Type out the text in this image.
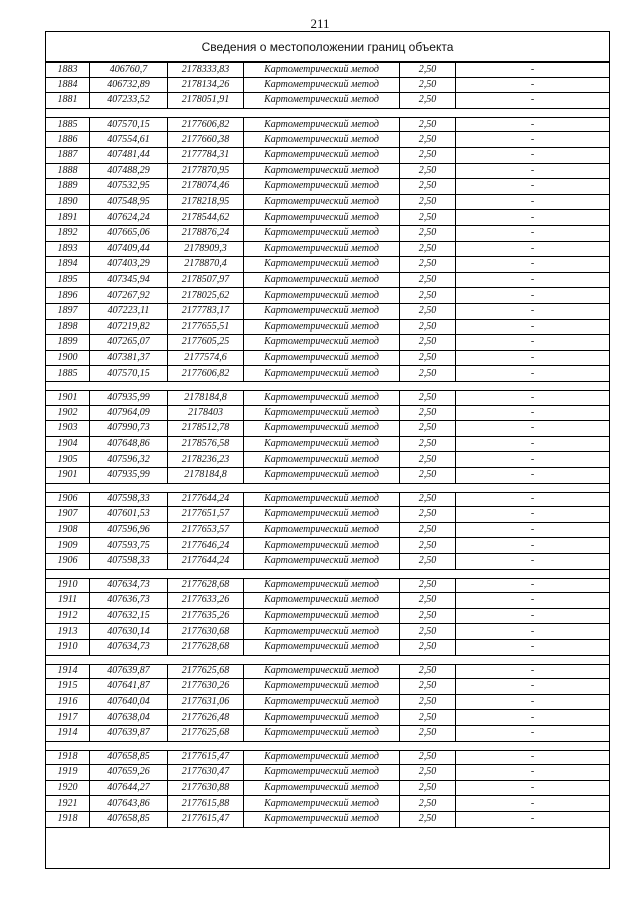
211
Сведения о местоположении границ объекта
1883	406760,7	2178333,83	Картометрический метод	2,50	-
1884	406732,89	2178134,26	Картометрический метод	2,50	-
1881	407233,52	2178051,91	Картометрический метод	2,50	-
1885	407570,15	2177606,82	Картометрический метод	2,50	-
1886	407554,61	2177660,38	Картометрический метод	2,50	-
1887	407481,44	2177784,31	Картометрический метод	2,50	-
1888	407488,29	2177870,95	Картометрический метод	2,50	-
1889	407532,95	2178074,46	Картометрический метод	2,50	-
1890	407548,95	2178218,95	Картометрический метод	2,50	-
1891	407624,24	2178544,62	Картометрический метод	2,50	-
1892	407665,06	2178876,24	Картометрический метод	2,50	-
1893	407409,44	2178909,3	Картометрический метод	2,50	-
1894	407403,29	2178870,4	Картометрический метод	2,50	-
1895	407345,94	2178507,97	Картометрический метод	2,50	-
1896	407267,92	2178025,62	Картометрический метод	2,50	-
1897	407223,11	2177783,17	Картометрический метод	2,50	-
1898	407219,82	2177655,51	Картометрический метод	2,50	-
1899	407265,07	2177605,25	Картометрический метод	2,50	-
1900	407381,37	2177574,6	Картометрический метод	2,50	-
1885	407570,15	2177606,82	Картометрический метод	2,50	-
1901	407935,99	2178184,8	Картометрический метод	2,50	-
1902	407964,09	2178403	Картометрический метод	2,50	-
1903	407990,73	2178512,78	Картометрический метод	2,50	-
1904	407648,86	2178576,58	Картометрический метод	2,50	-
1905	407596,32	2178236,23	Картометрический метод	2,50	-
1901	407935,99	2178184,8	Картометрический метод	2,50	-
1906	407598,33	2177644,24	Картометрический метод	2,50	-
1907	407601,53	2177651,57	Картометрический метод	2,50	-
1908	407596,96	2177653,57	Картометрический метод	2,50	-
1909	407593,75	2177646,24	Картометрический метод	2,50	-
1906	407598,33	2177644,24	Картометрический метод	2,50	-
1910	407634,73	2177628,68	Картометрический метод	2,50	-
1911	407636,73	2177633,26	Картометрический метод	2,50	-
1912	407632,15	2177635,26	Картометрический метод	2,50	-
1913	407630,14	2177630,68	Картометрический метод	2,50	-
1910	407634,73	2177628,68	Картометрический метод	2,50	-
1914	407639,87	2177625,68	Картометрический метод	2,50	-
1915	407641,87	2177630,26	Картометрический метод	2,50	-
1916	407640,04	2177631,06	Картометрический метод	2,50	-
1917	407638,04	2177626,48	Картометрический метод	2,50	-
1914	407639,87	2177625,68	Картометрический метод	2,50	-
1918	407658,85	2177615,47	Картометрический метод	2,50	-
1919	407659,26	2177630,47	Картометрический метод	2,50	-
1920	407644,27	2177630,88	Картометрический метод	2,50	-
1921	407643,86	2177615,88	Картометрический метод	2,50	-
1918	407658,85	2177615,47	Картометрический метод	2,50	-
